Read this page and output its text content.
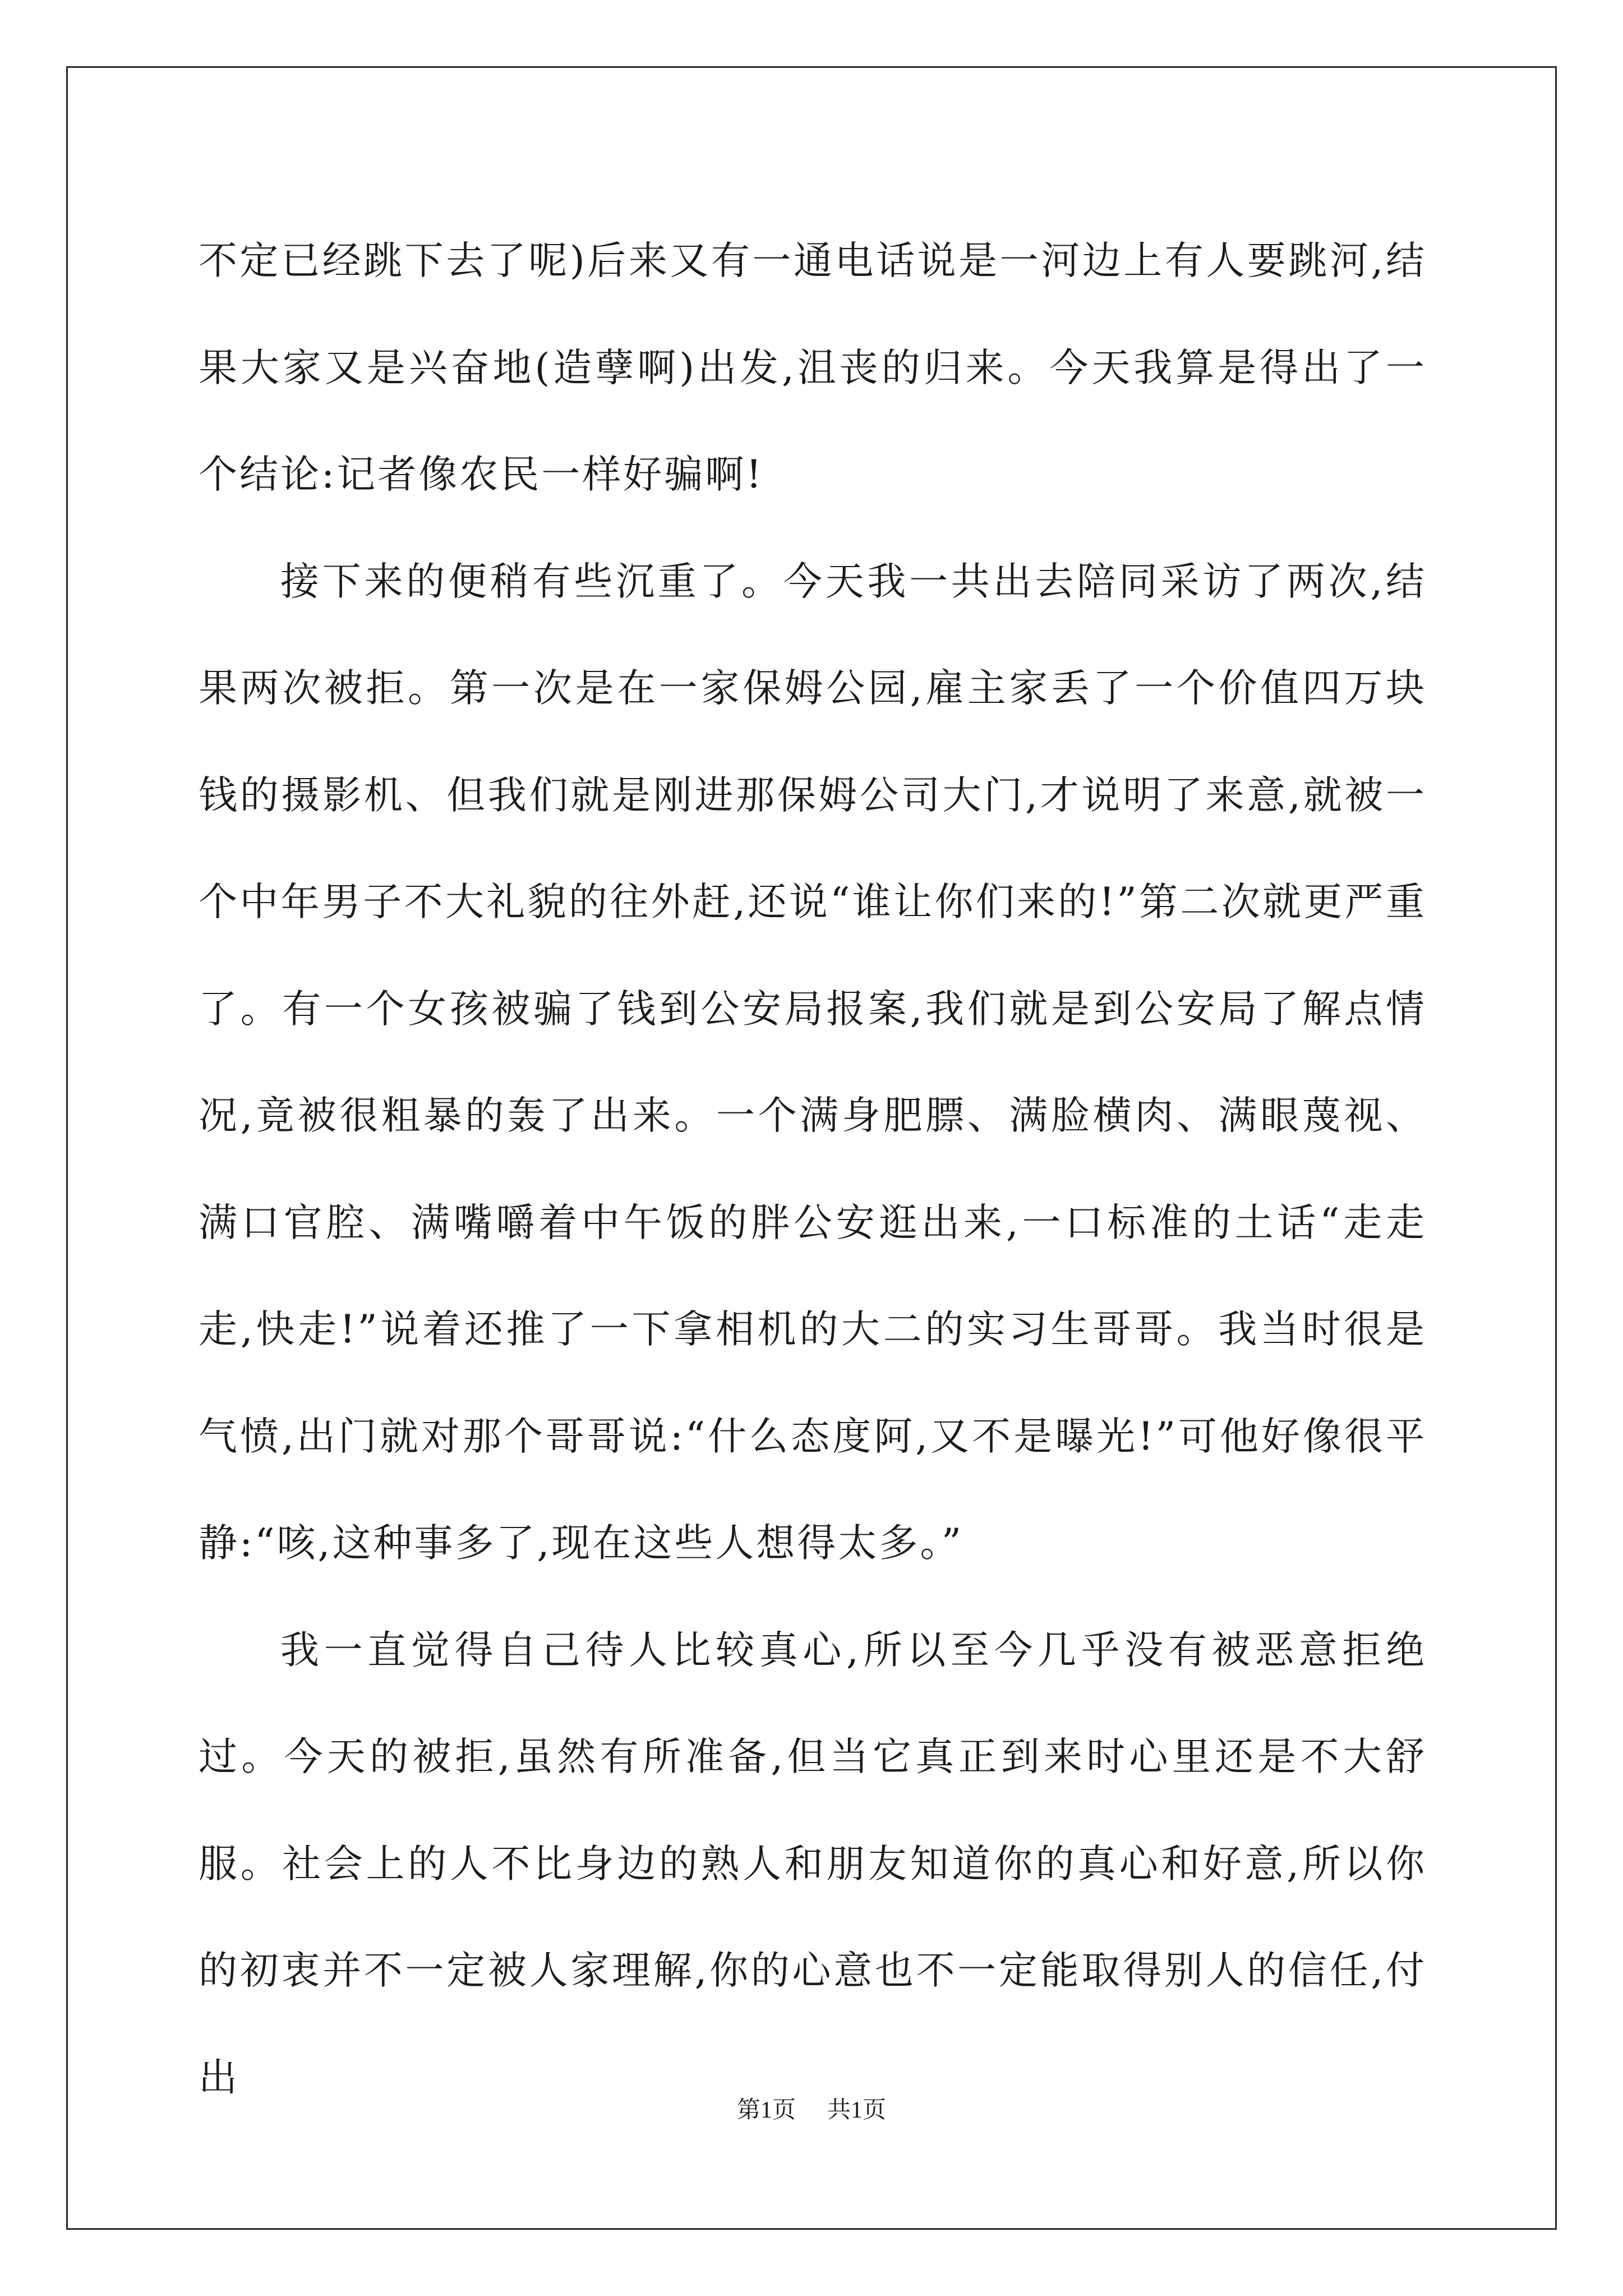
不定已经跳下去了呢)后来又有一通电话说是一河边上有人要跳河,结果大家又是兴奋地(造孽啊)出发,沮丧的归来。今天我算是得出了一个结论:记者像农民一样好骗啊!

接下来的便稍有些沉重了。今天我一共出去陪同采访了两次,结果两次被拒。第一次是在一家保姆公园,雇主家丢了一个价值四万块钱的摄影机、但我们就是刚进那保姆公司大门,才说明了来意,就被一个中年男子不大礼貌的往外赶,还说“谁让你们来的!”第二次就更严重了。有一个女孩被骗了钱到公安局报案,我们就是到公安局了解点情况,竟被很粗暴的轰了出来。一个满身肥膘、满脸横肉、满眼蔑视、满口官腔、满嘴嚼着中午饭的胖公安逛出来,一口标准的土话“走走走,快走!”说着还推了一下拿相机的大二的实习生哥哥。我当时很是气愤,出门就对那个哥哥说:“什么态度阿,又不是曝光!”可他好像很平静:“咳,这种事多了,现在这些人想得太多。”

我一直觉得自己待人比较真心,所以至今几乎没有被恶意拒绝过。今天的被拒,虽然有所准备,但当它真正到来时心里还是不大舒服。社会上的人不比身边的熟人和朋友知道你的真心和好意,所以你的初衷并不一定被人家理解,你的心意也不一定能取得别人的信任,付出

第1页 共1页
